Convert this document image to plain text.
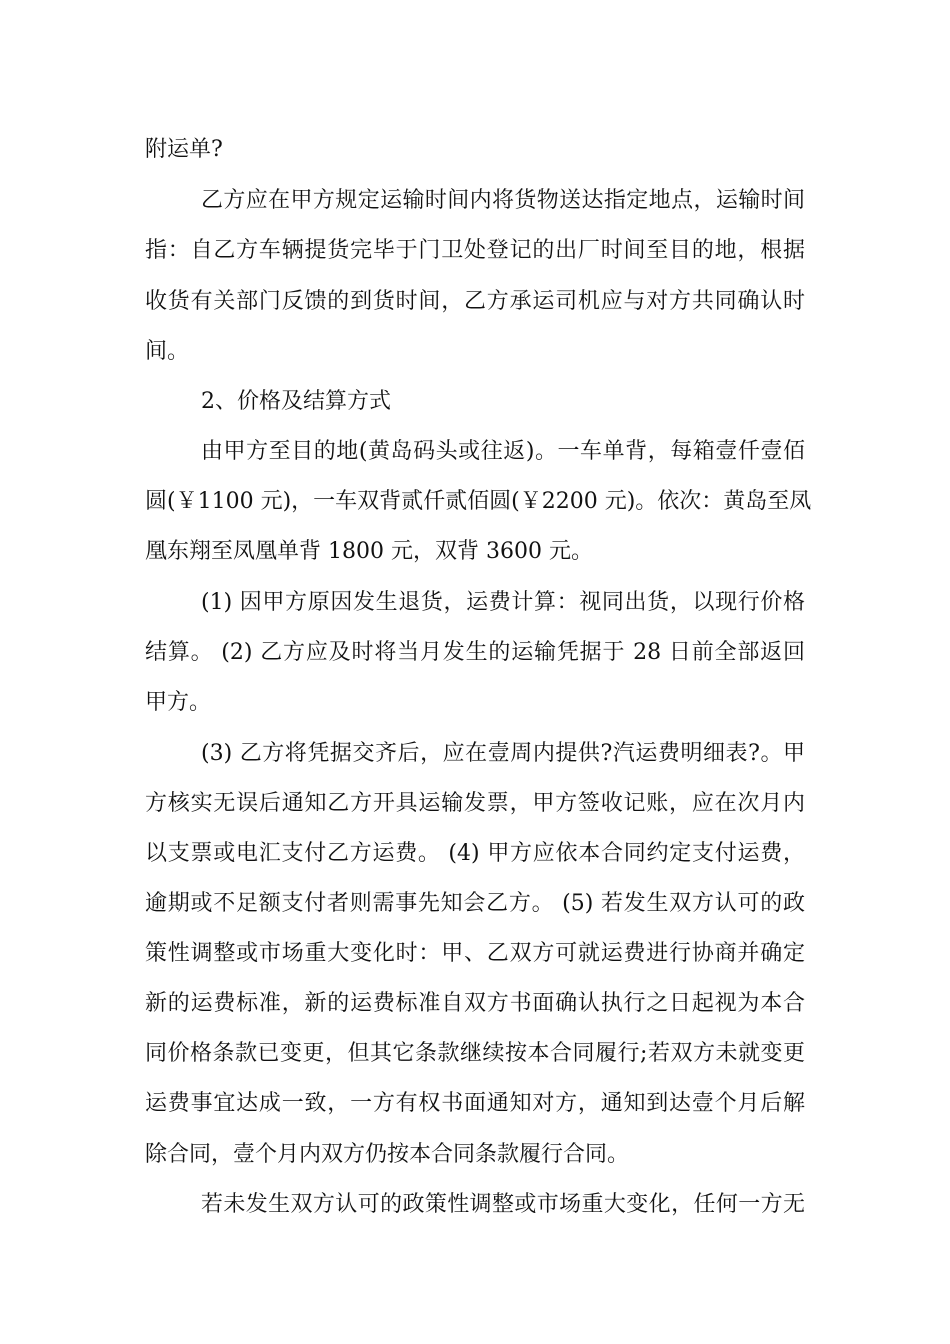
附运单?
乙方应在甲方规定运输时间内将货物送达指定地点，运输时间
指：自乙方车辆提货完毕于门卫处登记的出厂时间至目的地，根据
收货有关部门反馈的到货时间，乙方承运司机应与对方共同确认时
间。
2、价格及结算方式
由甲方至目的地(黄岛码头或往返)。一车单背，每箱壹仟壹佰
圆(￥1100 元)，一车双背贰仟贰佰圆(￥2200 元)。依次：黄岛至凤
凰东翔至凤凰单背 1800 元，双背 3600 元。
(1) 因甲方原因发生退货，运费计算：视同出货，以现行价格
结算。 (2) 乙方应及时将当月发生的运输凭据于 28 日前全部返回
甲方。
(3) 乙方将凭据交齐后，应在壹周内提供?汽运费明细表?。甲
方核实无误后通知乙方开具运输发票，甲方签收记账，应在次月内
以支票或电汇支付乙方运费。 (4) 甲方应依本合同约定支付运费，
逾期或不足额支付者则需事先知会乙方。 (5) 若发生双方认可的政
策性调整或市场重大变化时：甲、乙双方可就运费进行协商并确定
新的运费标准，新的运费标准自双方书面确认执行之日起视为本合
同价格条款已变更，但其它条款继续按本合同履行;若双方未就变更
运费事宜达成一致，一方有权书面通知对方，通知到达壹个月后解
除合同，壹个月内双方仍按本合同条款履行合同。
若未发生双方认可的政策性调整或市场重大变化，任何一方无
